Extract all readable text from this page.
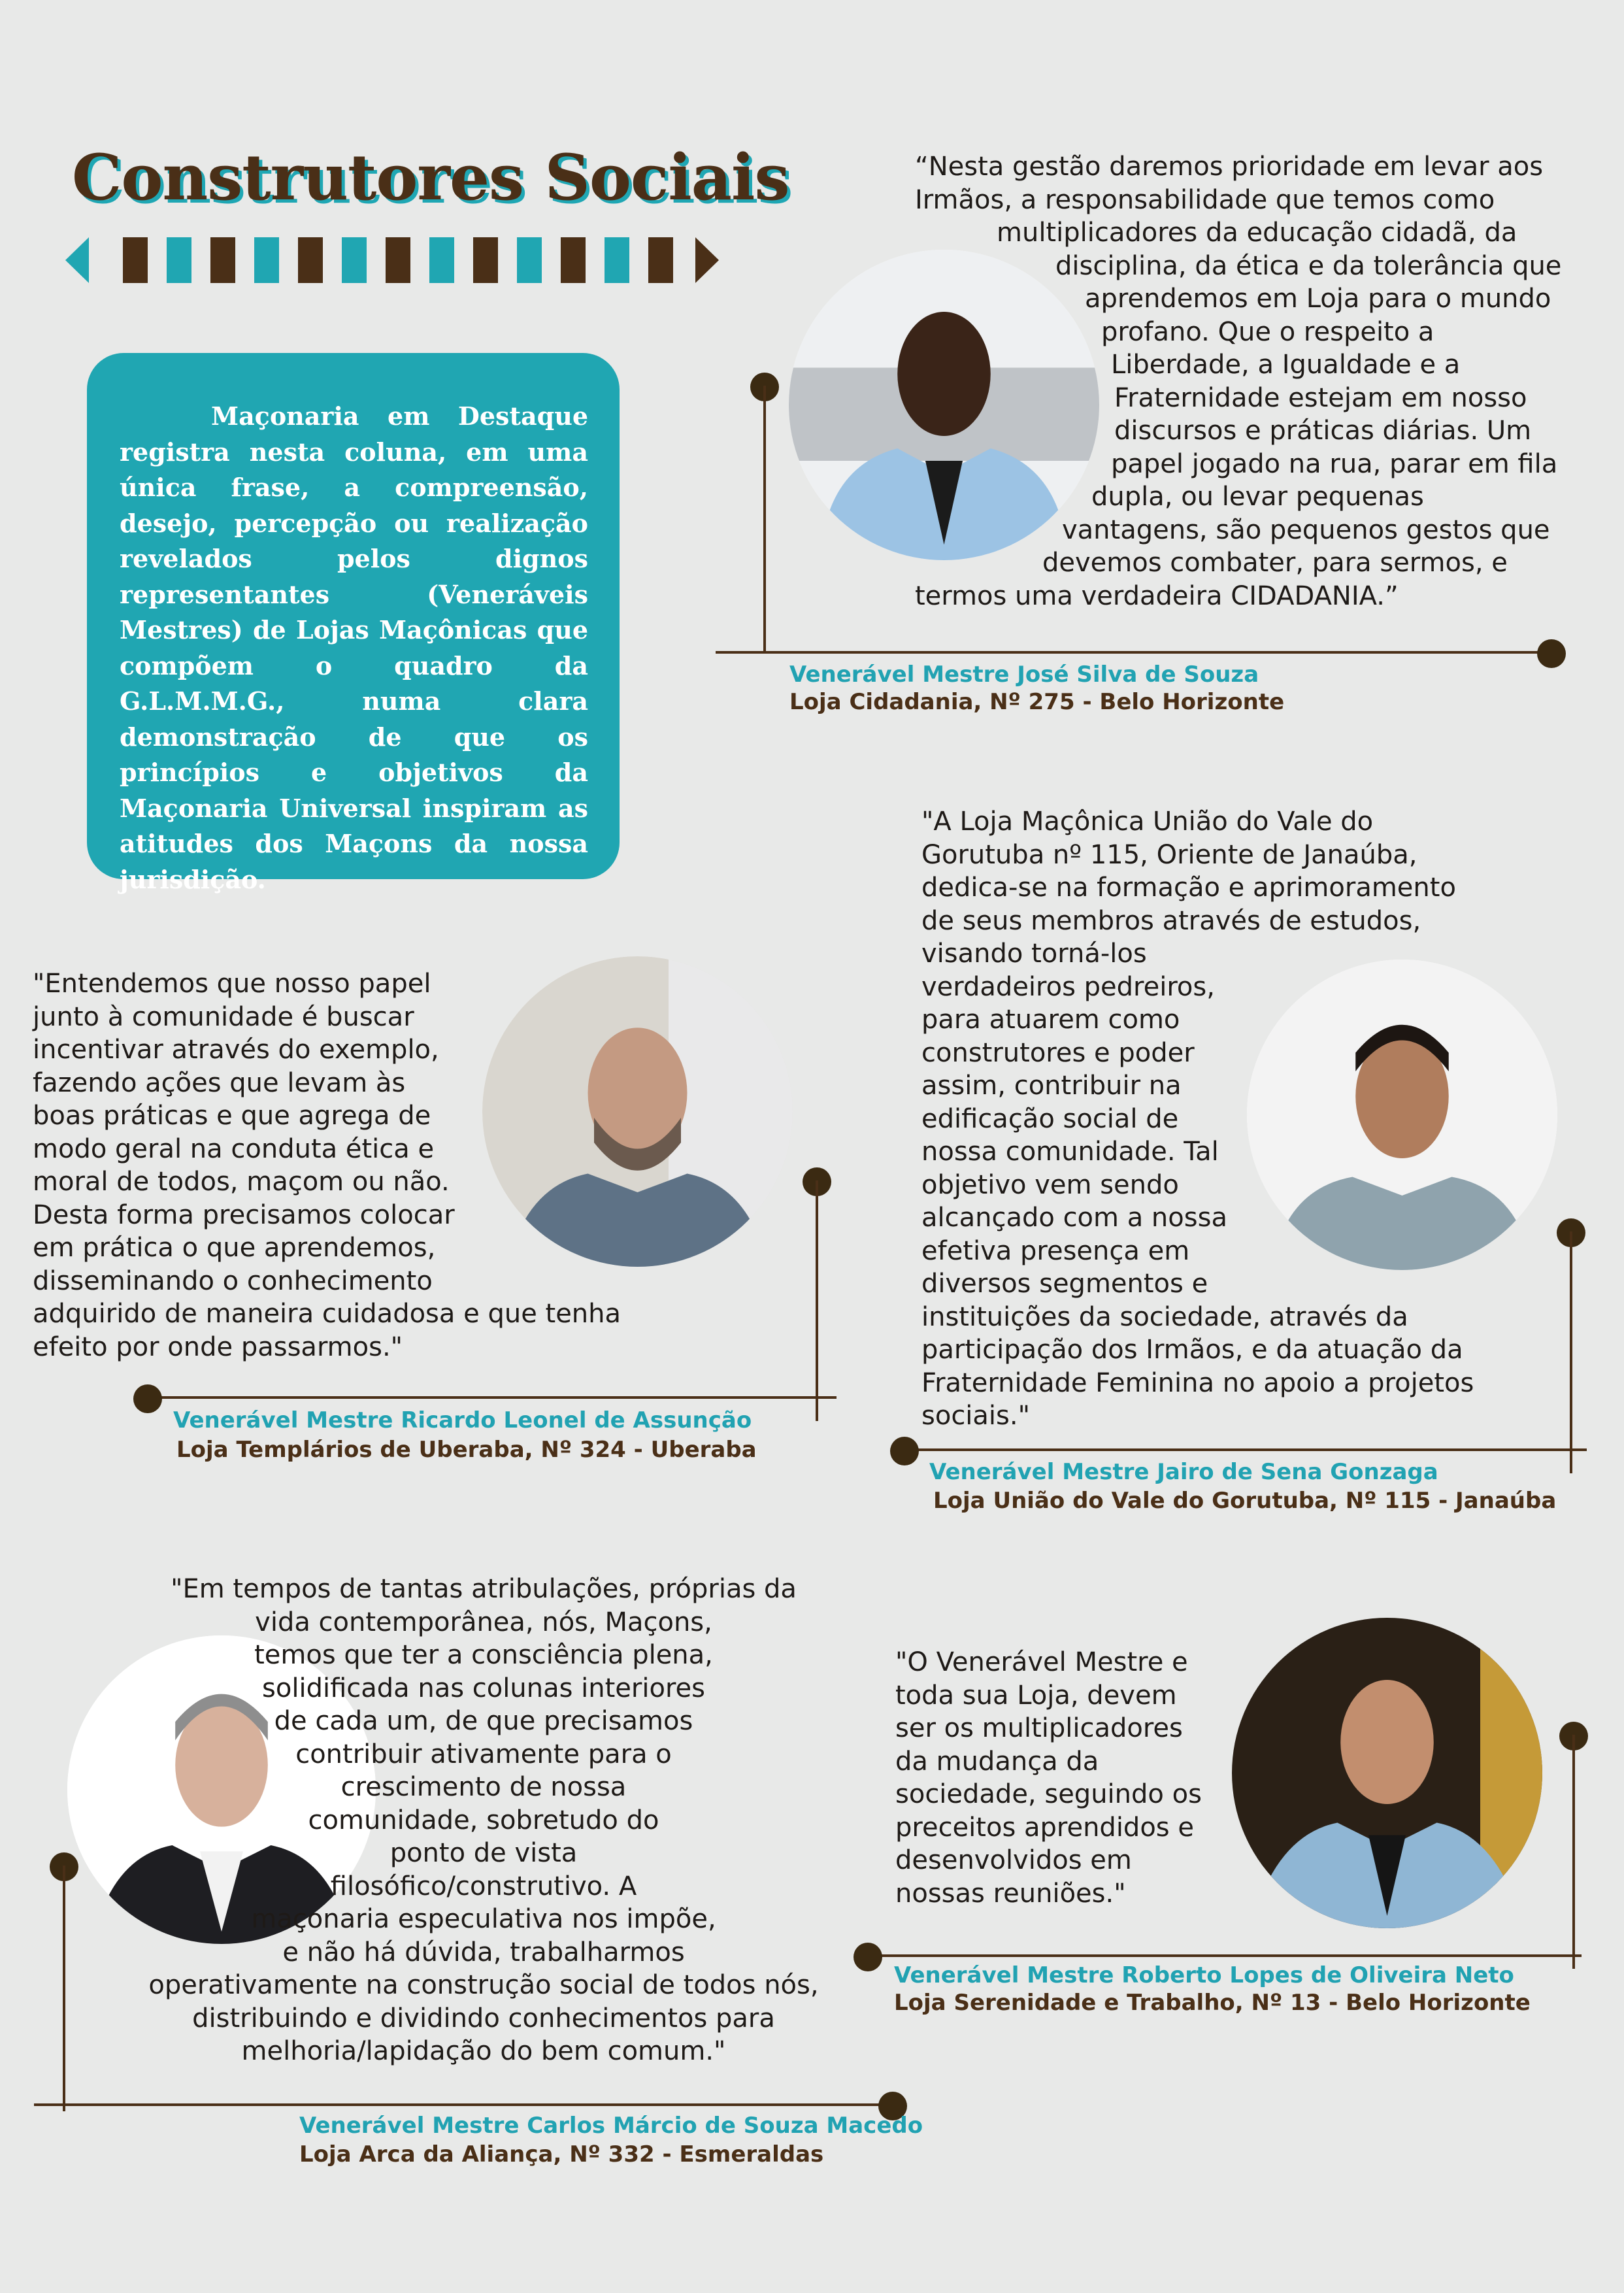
Construtores Sociais
Maçonaria em Destaque registra nesta coluna, em uma única frase, a compreensão, desejo, percepção ou realização revelados pelos dignos representantes (Veneráveis Mestres) de Lojas Maçônicas que compõem o quadro da G.L.M.M.G., numa clara demonstração de que os princípios e objetivos da Maçonaria Universal inspiram as atitudes dos Maçons da nossa jurisdição.

“Nesta gestão daremos prioridade em levar aos
Irmãos, a responsabilidade que temos como
multiplicadores da educação cidadã, da
disciplina, da ética e da tolerância que
aprendemos em Loja para o mundo
profano. Que o respeito a
Liberdade, a Igualdade e a
Fraternidade estejam em nosso
discursos e práticas diárias. Um
papel jogado na rua, parar em fila
dupla, ou levar pequenas
vantagens, são pequenos gestos que
devemos combater, para sermos, e
termos uma verdadeira CIDADANIA.”

Venerável Mestre José Silva de Souza
Loja Cidadania, Nº 275 - Belo Horizonte

"A Loja Maçônica União do Vale do
Gorutuba nº 115, Oriente de Janaúba,
dedica-se na formação e aprimoramento
de seus membros através de estudos,
visando torná-los
verdadeiros pedreiros,
para atuarem como
construtores e poder
assim, contribuir na
edificação social de
nossa comunidade. Tal
objetivo vem sendo
alcançado com a nossa
efetiva presença em
diversos segmentos e
instituições da sociedade, através da
participação dos Irmãos, e da atuação da
Fraternidade Feminina no apoio a projetos
sociais."

Venerável Mestre Jairo de Sena Gonzaga
Loja União do Vale do Gorutuba, Nº 115 - Janaúba

"Entendemos que nosso papel
junto à comunidade é buscar
incentivar através do exemplo,
fazendo ações que levam às
boas práticas e que agrega de
modo geral na conduta ética e
moral de todos, maçom ou não.
Desta forma precisamos colocar
em prática o que aprendemos,
disseminando o conhecimento
adquirido de maneira cuidadosa e que tenha
efeito por onde passarmos."

Venerável Mestre Ricardo Leonel de Assunção
Loja Templários de Uberaba, Nº 324 - Uberaba

"Em tempos de tantas atribulações, próprias da
vida contemporânea, nós, Maçons,
temos que ter a consciência plena,
solidificada nas colunas interiores
de cada um, de que precisamos
contribuir ativamente para o
crescimento de nossa
comunidade, sobretudo do
ponto de vista
filosófico/construtivo. A
maçonaria especulativa nos impõe,
e não há dúvida, trabalharmos
operativamente na construção social de todos nós,
distribuindo e dividindo conhecimentos para
melhoria/lapidação do bem comum."

Venerável Mestre Carlos Márcio de Souza Macedo
Loja Arca da Aliança, Nº 332 - Esmeraldas

"O Venerável Mestre e
toda sua Loja, devem
ser os multiplicadores
da mudança da
sociedade, seguindo os
preceitos aprendidos e
desenvolvidos em
nossas reuniões."

Venerável Mestre Roberto Lopes de Oliveira Neto
Loja Serenidade e Trabalho, Nº 13 - Belo Horizonte
